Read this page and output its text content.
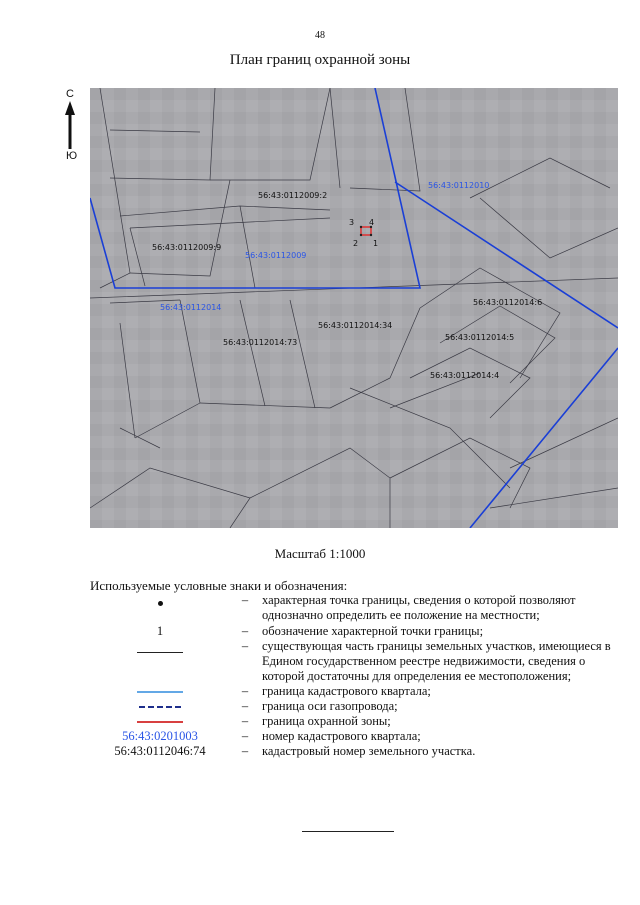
48
План границ охранной зоны
С
Ю
56:43:0112010
56:43:0112009
56:43:0112014
56:43:0112009:2
56:43:0112009:9
56:43:0112014:6
56:43:0112014:34
56:43:0112014:73
56:43:0112014:5
56:43:0112014:4
1
2
3 4
Масштаб 1:1000
Используемые условные знаки и обозначения:
–	характерная точка границы, сведения о которой позволяют однозначно определить ее положение на местности;
1	–	обозначение характерной точки границы;
–	существующая часть границы земельных участков, имеющиеся в Едином государственном реестре недвижимости, сведения о которой достаточны для определения ее местоположения;
–	граница кадастрового квартала;
–	граница оси газопровода;
–	граница охранной зоны;
56:43:0201003	–	номер кадастрового квартала;
56:43:0112046:74	–	кадастровый номер земельного участка.
